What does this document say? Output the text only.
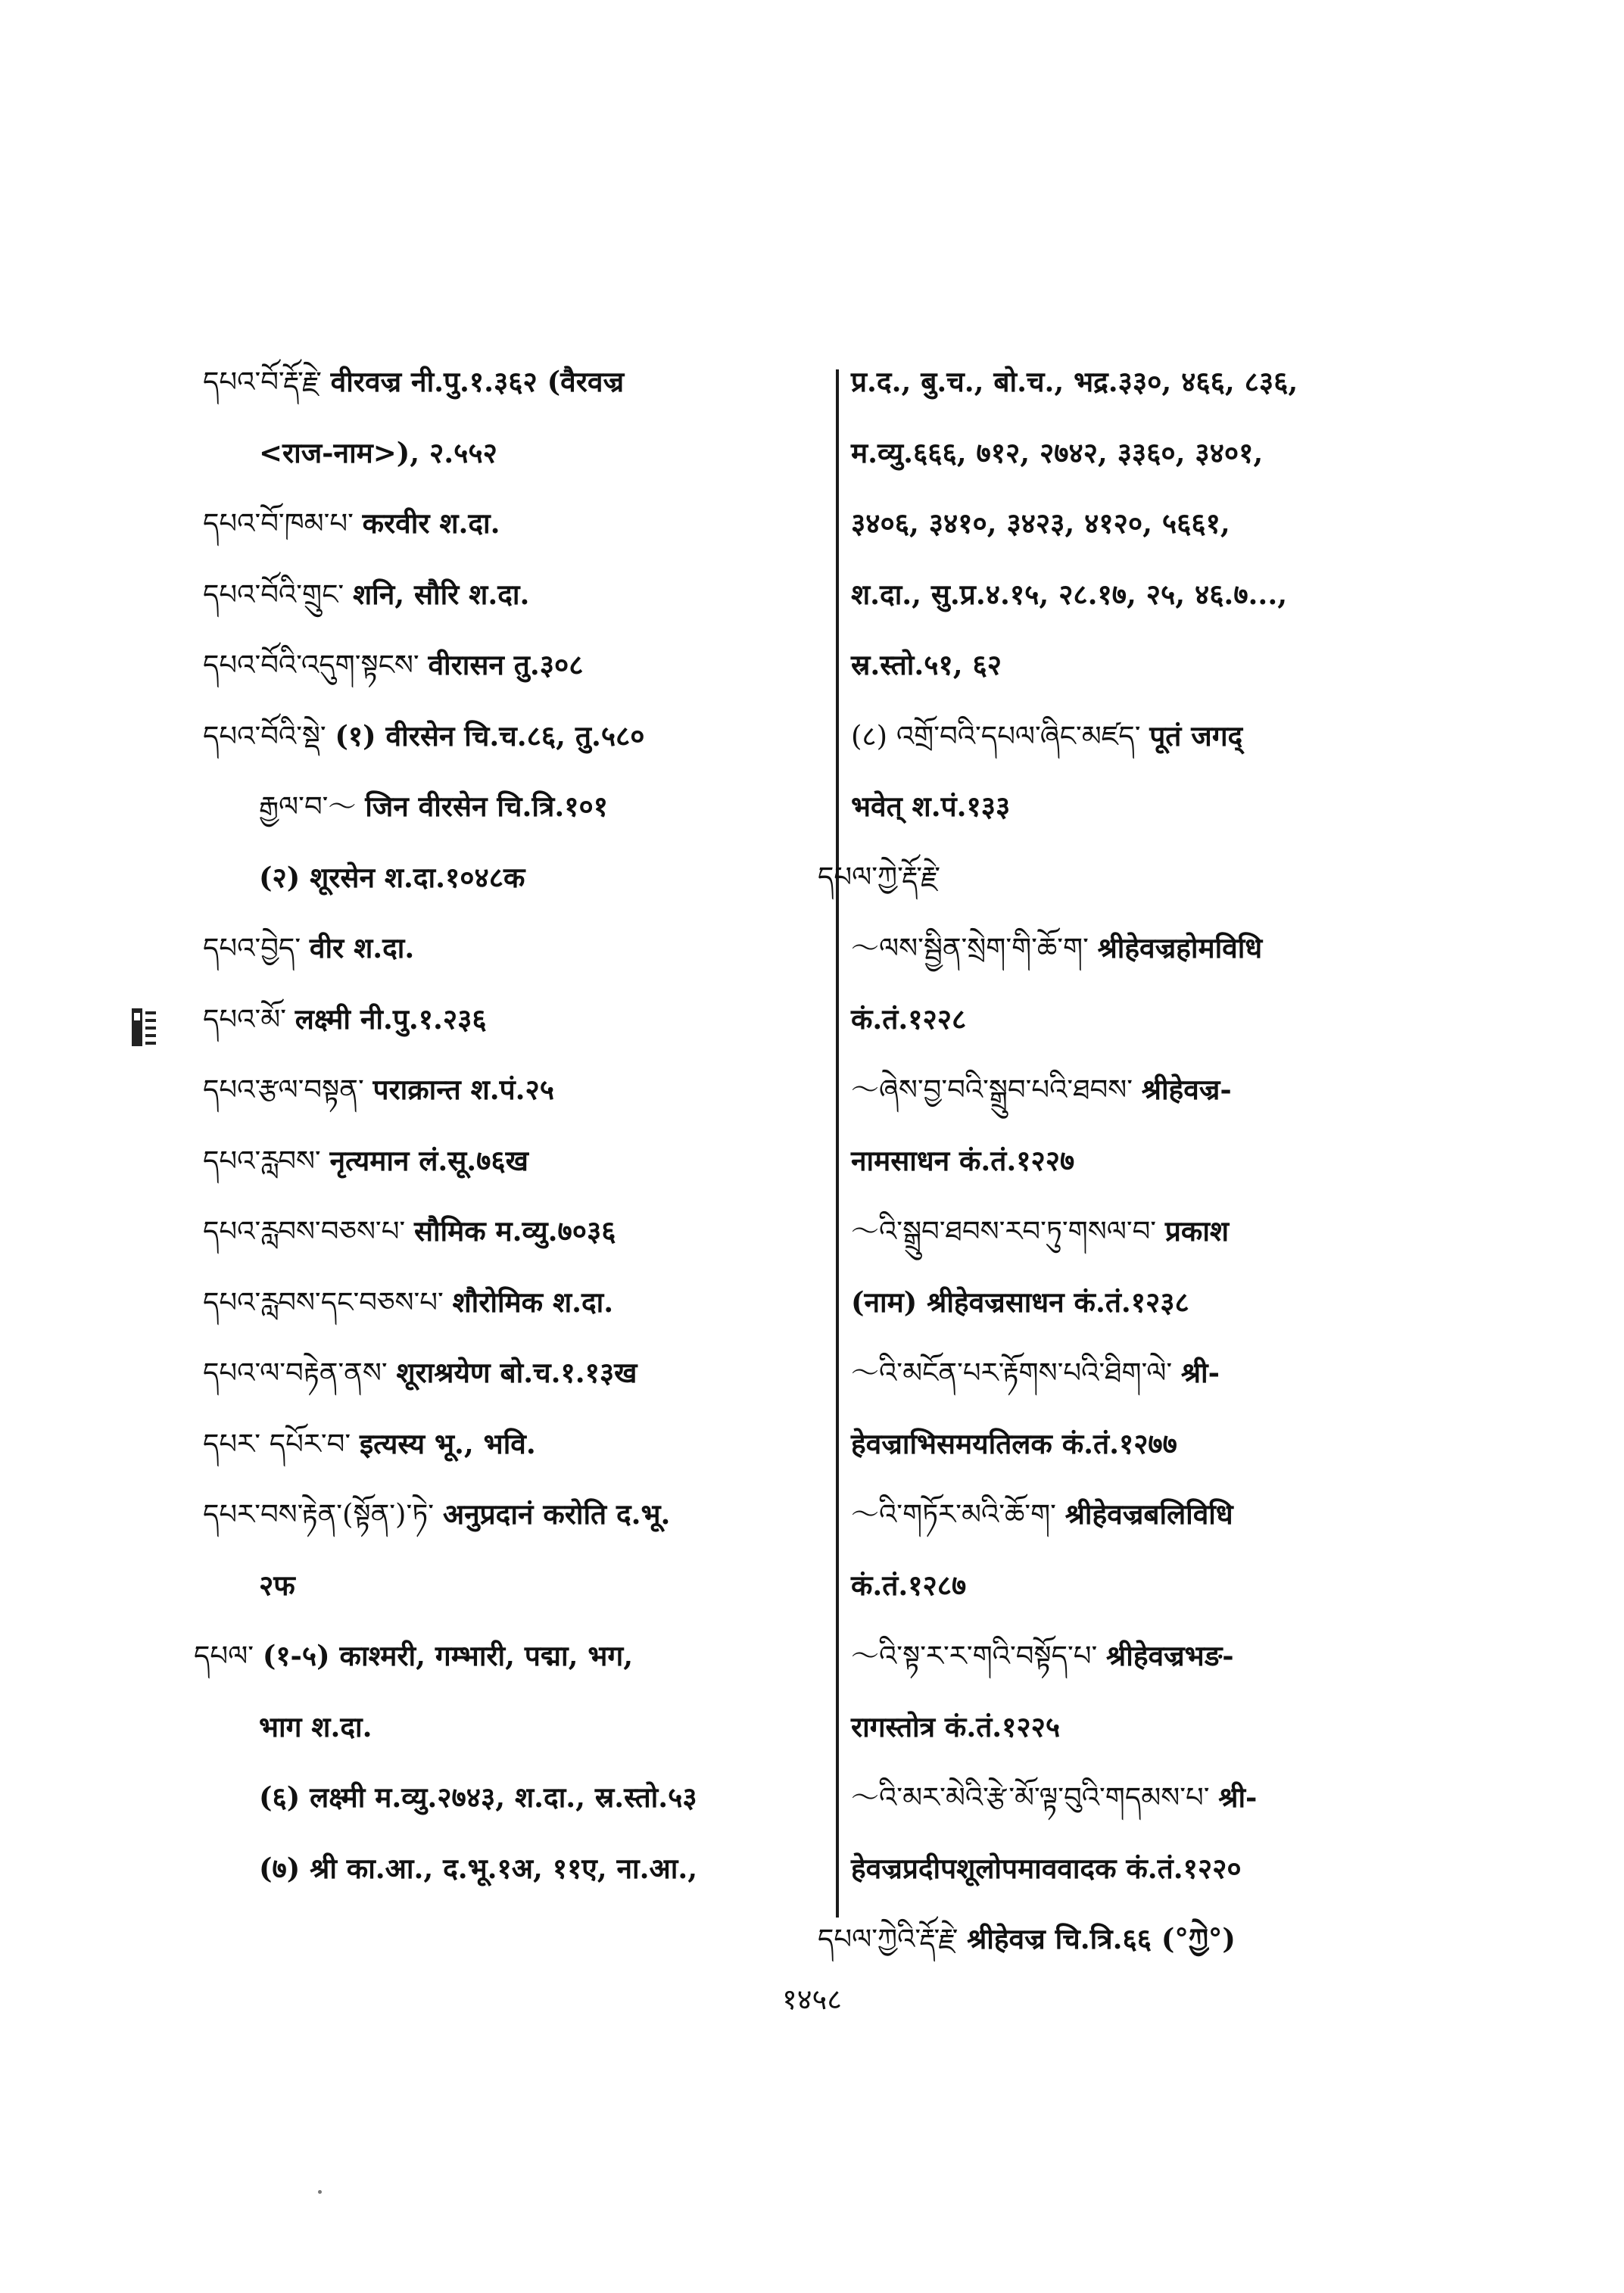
དཔའ་བོ་རྡོ་རྗེ་ वीरवज्र नी.पु.१.३६२ (वैरवज्र
<राज-नाम>), २.५५२
དཔའ་བོ་ཁམ་པ་ करवीर श.दा.
དཔའ་བོའི་གྲུང་ शनि, सौरि श.दा.
དཔའ་བོའི་འདུག་སྟངས་ वीरासन तु.३०८
དཔའ་བོའི་སྡེ་ (१) वीरसेन चि.च.८६, तु.५८०
རྒྱལ་བ་～ जिन वीरसेन चि.त्रि.१०१
(२) शूरसेन श.दा.१०४८क
དཔའ་བྱེད་ वीर श.दा.
དཔའ་མོ་ लक्ष्मी नी.पु.१.२३६
དཔའ་རྩལ་བསྟན་ पराक्रान्त श.पं.२५
དཔའ་རླབས་ नृत्यमान लं.सू.७६ख
དཔའ་རླབས་བཅས་པ་ सौमिक म.व्यु.७०३६
དཔའ་རླབས་དང་བཅས་པ་ शौरोमिक श.दा.
དཔའ་ལ་བརྟེན་ནས་ शूराश्रयेण बो.च.१.१३ख
དཔར་ དཔོར་བ་ इत्यस्य भू., भवि.
དཔར་བས་རྟེན་(སྟོན་)་ཏེ་ अनुप्रदानं करोति द.भू.
२फ
དཔལ་ (१-५) काश्मरी, गम्भारी, पद्मा, भग,
भाग श.दा.
(६) लक्ष्मी म.व्यु.२७४३, श.दा., स्र.स्तो.५३
(७) श्री का.आ., द.भू.१अ, ११ए, ना.आ.,
प्र.द., बु.च., बो.च., भद्र.३३०, ४६६, ८३६,
म.व्यु.६६६, ७१२, २७४२, ३३६०, ३४०१,
३४०६, ३४१०, ३४२३, ४१२०, ५६६१,
श.दा., सु.प्र.४.१५, २८.१७, २५, ४६.७...,
स्र.स्तो.५१, ६२
(८) འགྲོ་བའི་དཔལ་ཞིང་མཛད་ पूतं जगद्
भवेत् श.पं.१३३
དཔལ་ཀྱེ་རྡོ་རྗེ་
～ལས་སྦྱིན་སྲེག་གི་ཆོ་ག་ श्रीहेवज्रहोमविधि
कं.तं.१२२८
～ཞེས་བྱ་བའི་སྒྲུབ་པའི་ཐབས་ श्रीहेवज्र-
नामसाधन कं.तं.१२२७
～འི་སྒྲུབ་ཐབས་རབ་ཏུ་གསལ་བ་ प्रकाश
(नाम) श्रीहेवज्रसाधन कं.तं.१२३८
～འི་མངོན་པར་རྟོགས་པའི་ཐིག་ལེ་ श्री-
हेवज्राभिसमयतिलक कं.तं.१२७७
～འི་གཏོར་མའི་ཆོ་ག་ श्रीहेवज्रबलिविधि
कं.तं.१२८७
～འི་སྟ་ར་ར་གའི་བསྟོད་པ་ श्रीहेवज्रभङ-
रागस्तोत्र कं.तं.१२२५
～འི་མར་མེའི་རྩེ་མོ་ལྟ་བུའི་གདམས་པ་ श्री-
हेवज्रप्रदीपशूलोपमाववादक कं.तं.१२२०
དཔལ་ཀྱེའི་རྡོ་རྗེ་ श्रीहेवज्र चि.त्रि.६६ (°ཀྱེ°)
१४५८
